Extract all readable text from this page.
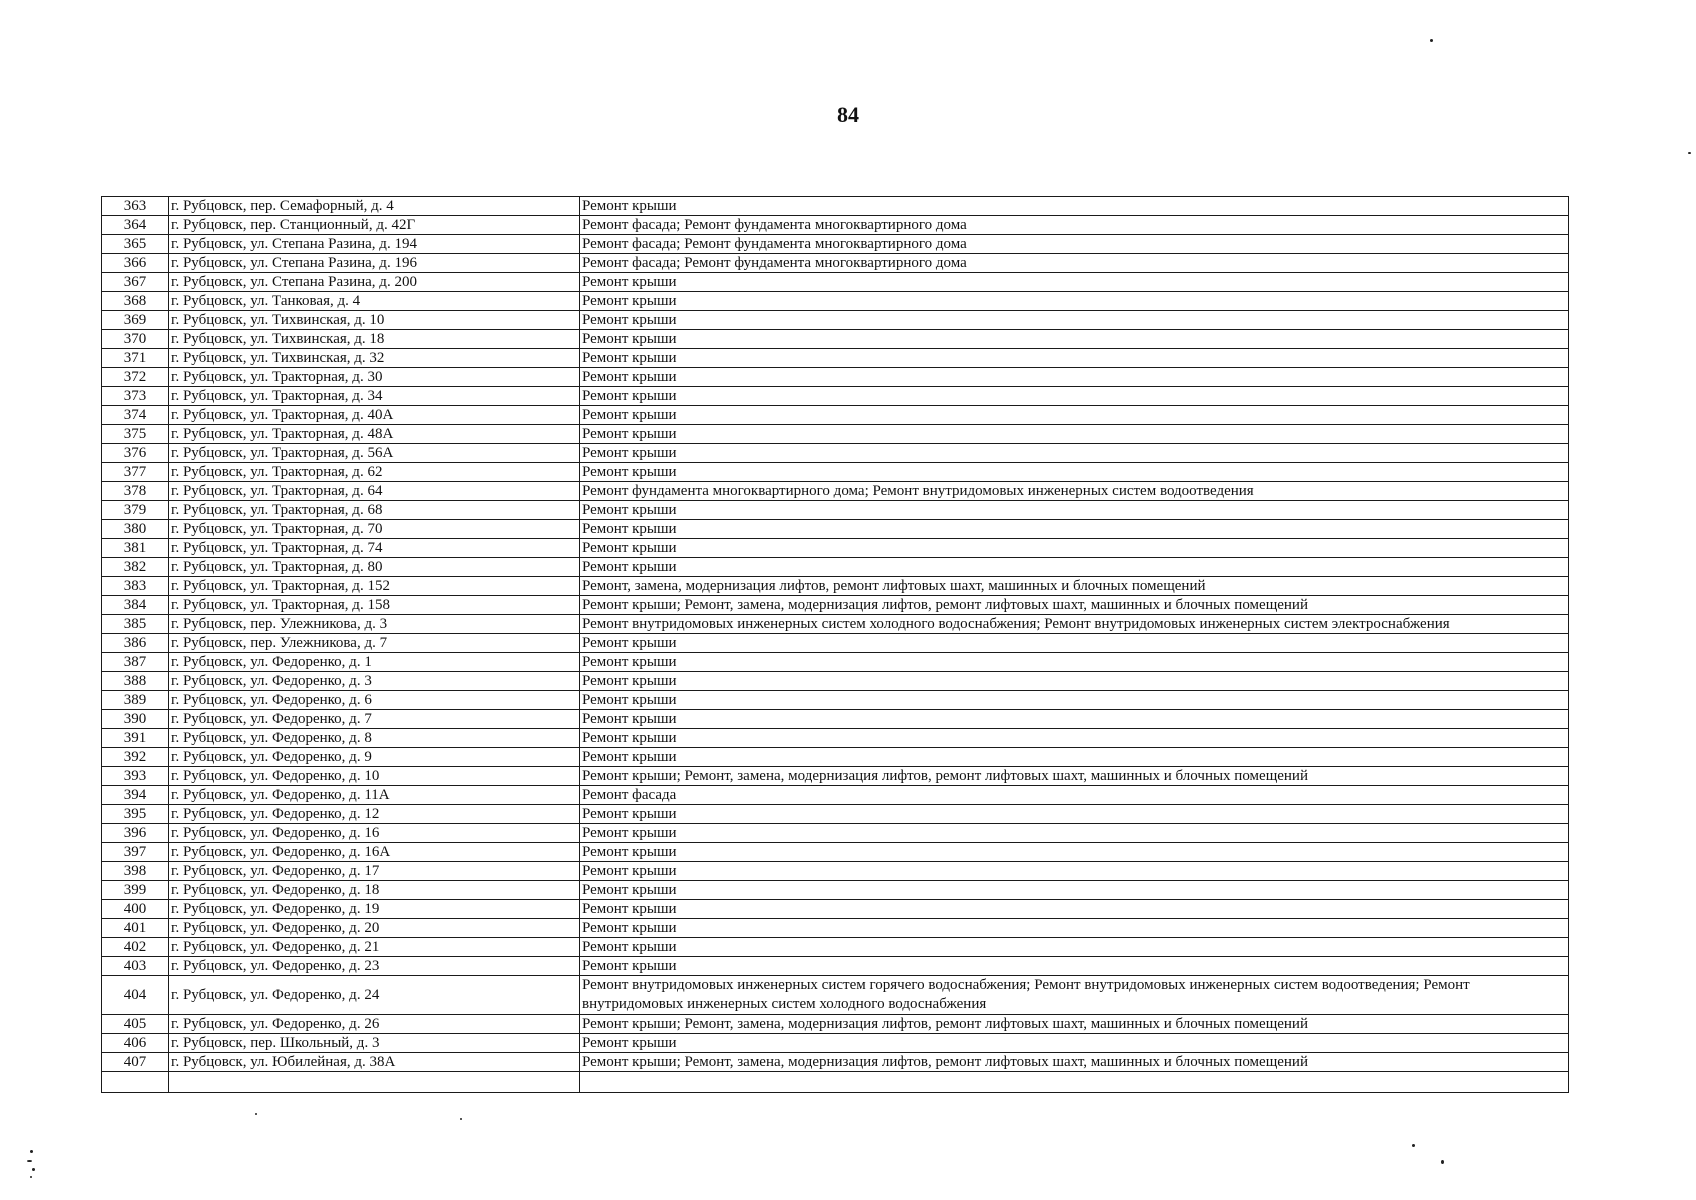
84
363	г. Рубцовск, пер. Семафорный, д. 4	Ремонт крыши
364	г. Рубцовск, пер. Станционный, д. 42Г	Ремонт фасада; Ремонт фундамента многоквартирного дома
365	г. Рубцовск, ул. Степана Разина, д. 194	Ремонт фасада; Ремонт фундамента многоквартирного дома
366	г. Рубцовск, ул. Степана Разина, д. 196	Ремонт фасада; Ремонт фундамента многоквартирного дома
367	г. Рубцовск, ул. Степана Разина, д. 200	Ремонт крыши
368	г. Рубцовск, ул. Танковая, д. 4	Ремонт крыши
369	г. Рубцовск, ул. Тихвинская, д. 10	Ремонт крыши
370	г. Рубцовск, ул. Тихвинская, д. 18	Ремонт крыши
371	г. Рубцовск, ул. Тихвинская, д. 32	Ремонт крыши
372	г. Рубцовск, ул. Тракторная, д. 30	Ремонт крыши
373	г. Рубцовск, ул. Тракторная, д. 34	Ремонт крыши
374	г. Рубцовск, ул. Тракторная, д. 40А	Ремонт крыши
375	г. Рубцовск, ул. Тракторная, д. 48А	Ремонт крыши
376	г. Рубцовск, ул. Тракторная, д. 56А	Ремонт крыши
377	г. Рубцовск, ул. Тракторная, д. 62	Ремонт крыши
378	г. Рубцовск, ул. Тракторная, д. 64	Ремонт фундамента многоквартирного дома; Ремонт внутридомовых инженерных систем водоотведения
379	г. Рубцовск, ул. Тракторная, д. 68	Ремонт крыши
380	г. Рубцовск, ул. Тракторная, д. 70	Ремонт крыши
381	г. Рубцовск, ул. Тракторная, д. 74	Ремонт крыши
382	г. Рубцовск, ул. Тракторная, д. 80	Ремонт крыши
383	г. Рубцовск, ул. Тракторная, д. 152	Ремонт, замена, модернизация лифтов, ремонт лифтовых шахт, машинных и блочных помещений
384	г. Рубцовск, ул. Тракторная, д. 158	Ремонт крыши; Ремонт, замена, модернизация лифтов, ремонт лифтовых шахт, машинных и блочных помещений
385	г. Рубцовск, пер. Улежникова, д. 3	Ремонт внутридомовых инженерных систем холодного водоснабжения; Ремонт внутридомовых инженерных систем электроснабжения
386	г. Рубцовск, пер. Улежникова, д. 7	Ремонт крыши
387	г. Рубцовск, ул. Федоренко, д. 1	Ремонт крыши
388	г. Рубцовск, ул. Федоренко, д. 3	Ремонт крыши
389	г. Рубцовск, ул. Федоренко, д. 6	Ремонт крыши
390	г. Рубцовск, ул. Федоренко, д. 7	Ремонт крыши
391	г. Рубцовск, ул. Федоренко, д. 8	Ремонт крыши
392	г. Рубцовск, ул. Федоренко, д. 9	Ремонт крыши
393	г. Рубцовск, ул. Федоренко, д. 10	Ремонт крыши; Ремонт, замена, модернизация лифтов, ремонт лифтовых шахт, машинных и блочных помещений
394	г. Рубцовск, ул. Федоренко, д. 11А	Ремонт фасада
395	г. Рубцовск, ул. Федоренко, д. 12	Ремонт крыши
396	г. Рубцовск, ул. Федоренко, д. 16	Ремонт крыши
397	г. Рубцовск, ул. Федоренко, д. 16А	Ремонт крыши
398	г. Рубцовск, ул. Федоренко, д. 17	Ремонт крыши
399	г. Рубцовск, ул. Федоренко, д. 18	Ремонт крыши
400	г. Рубцовск, ул. Федоренко, д. 19	Ремонт крыши
401	г. Рубцовск, ул. Федоренко, д. 20	Ремонт крыши
402	г. Рубцовск, ул. Федоренко, д. 21	Ремонт крыши
403	г. Рубцовск, ул. Федоренко, д. 23	Ремонт крыши
404	г. Рубцовск, ул. Федоренко, д. 24	Ремонт внутридомовых инженерных систем горячего водоснабжения; Ремонт внутридомовых инженерных систем водоотведения; Ремонт внутридомовых инженерных систем холодного водоснабжения
405	г. Рубцовск, ул. Федоренко, д. 26	Ремонт крыши; Ремонт, замена, модернизация лифтов, ремонт лифтовых шахт, машинных и блочных помещений
406	г. Рубцовск, пер. Школьный, д. 3	Ремонт крыши
407	г. Рубцовск, ул. Юбилейная, д. 38А	Ремонт крыши; Ремонт, замена, модернизация лифтов, ремонт лифтовых шахт, машинных и блочных помещений
